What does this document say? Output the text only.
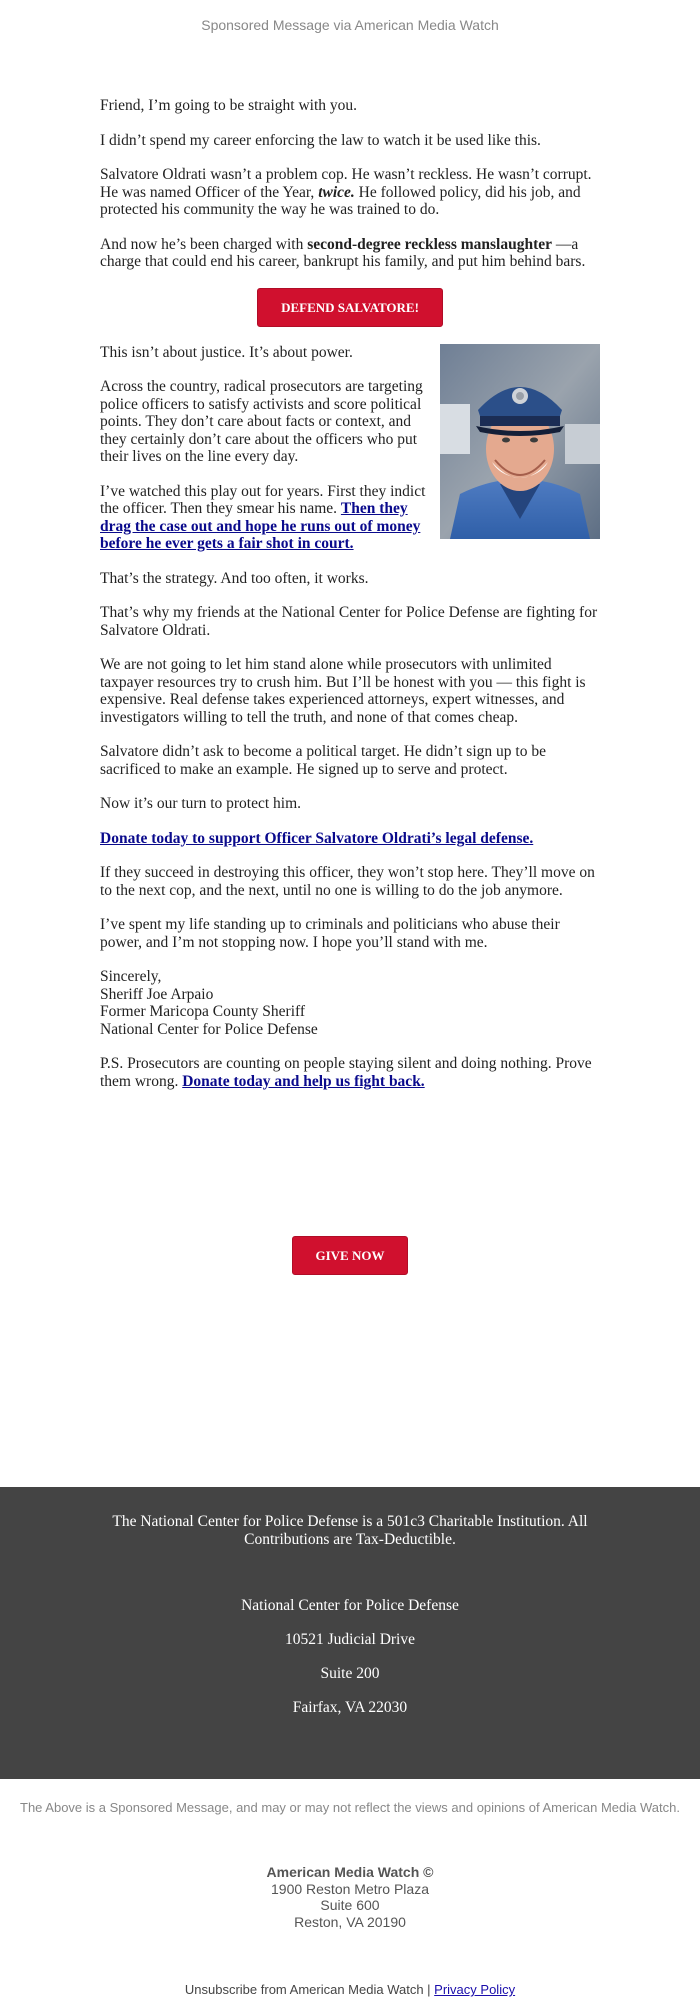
Sponsored Message via American Media Watch

Friend, I’m going to be straight with you.

I didn’t spend my career enforcing the law to watch it be used like this.

Salvatore Oldrati wasn’t a problem cop. He wasn’t reckless. He wasn’t corrupt. He was named Officer of the Year, twice. He followed policy, did his job, and protected his community the way he was trained to do.

And now he’s been charged with second-degree reckless manslaughter —a charge that could end his career, bankrupt his family, and put him behind bars.

DEFEND SALVATORE!

This isn’t about justice. It’s about power.

Across the country, radical prosecutors are targeting police officers to satisfy activists and score political points. They don’t care about facts or context, and they certainly don’t care about the officers who put their lives on the line every day.

I’ve watched this play out for years. First they indict the officer. Then they smear his name. Then they drag the case out and hope he runs out of money before he ever gets a fair shot in court.

That’s the strategy. And too often, it works.

That’s why my friends at the National Center for Police Defense are fighting for Salvatore Oldrati.

We are not going to let him stand alone while prosecutors with unlimited taxpayer resources try to crush him. But I’ll be honest with you — this fight is expensive. Real defense takes experienced attorneys, expert witnesses, and investigators willing to tell the truth, and none of that comes cheap.

Salvatore didn’t ask to become a political target. He didn’t sign up to be sacrificed to make an example. He signed up to serve and protect.

Now it’s our turn to protect him.

Donate today to support Officer Salvatore Oldrati’s legal defense.

If they succeed in destroying this officer, they won’t stop here. They’ll move on to the next cop, and the next, until no one is willing to do the job anymore.

I’ve spent my life standing up to criminals and politicians who abuse their power, and I’m not stopping now. I hope you’ll stand with me.

Sincerely,
Sheriff Joe Arpaio
Former Maricopa County Sheriff
National Center for Police Defense

P.S. Prosecutors are counting on people staying silent and doing nothing. Prove them wrong. Donate today and help us fight back.

GIVE NOW
The National Center for Police Defense is a 501c3 Charitable Institution. All Contributions are Tax-Deductible.
National Center for Police Defense
10521 Judicial Drive
Suite 200
Fairfax, VA 22030
The Above is a Sponsored Message, and may or may not reflect the views and opinions of American Media Watch.
American Media Watch ©
1900 Reston Metro Plaza
Suite 600
Reston, VA 20190
Unsubscribe from American Media Watch | Privacy Policy
